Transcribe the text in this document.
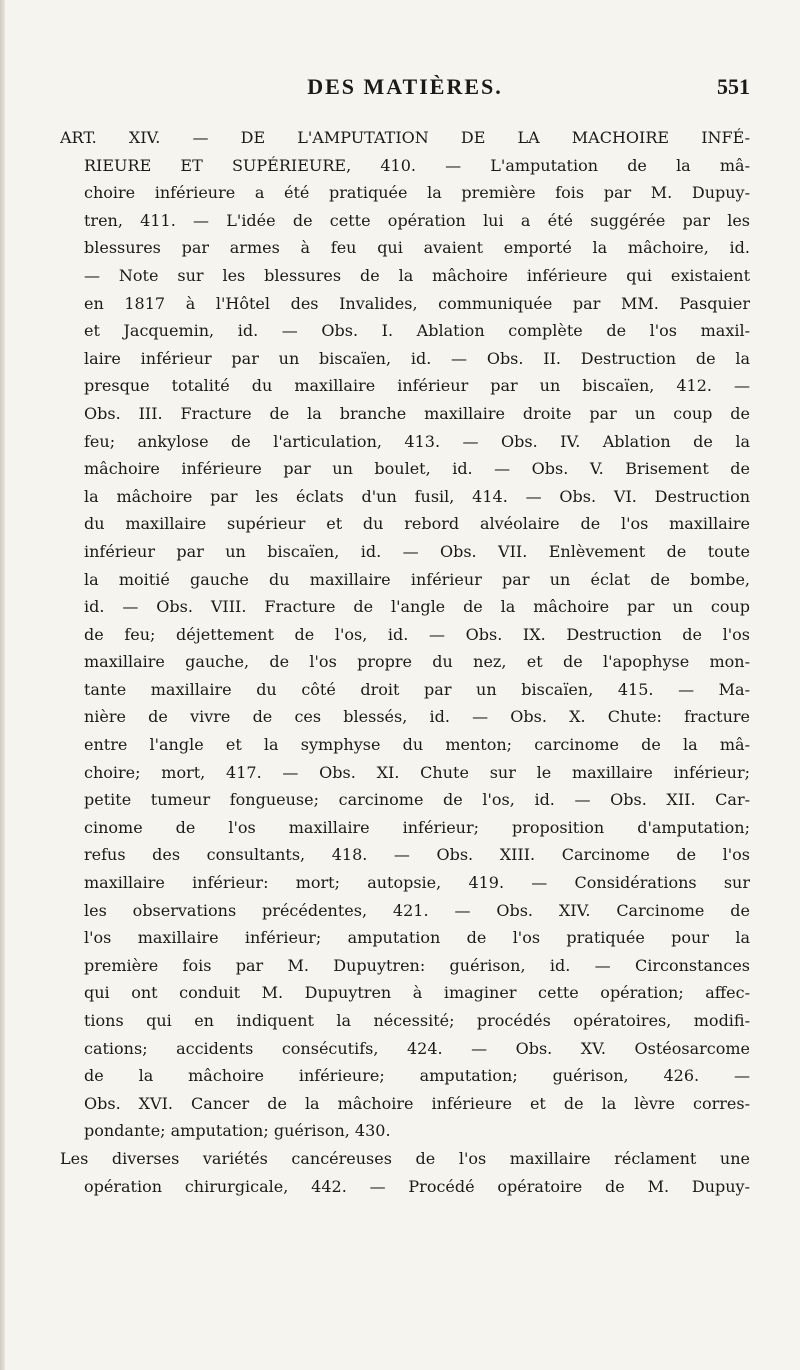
DES MATIÈRES.	551
ART. XIV. — DE L'AMPUTATION DE LA MACHOIRE INFÉ-
RIEURE ET SUPÉRIEURE, 410. — L'amputation de la mâ-
choire inférieure a été pratiquée la première fois par M. Dupuy-
tren, 411. — L'idée de cette opération lui a été suggérée par les
blessures par armes à feu qui avaient emporté la mâchoire, id.
— Note sur les blessures de la mâchoire inférieure qui existaient
en 1817 à l'Hôtel des Invalides, communiquée par MM. Pasquier
et Jacquemin, id. — Obs. I. Ablation complète de l'os maxil-
laire inférieur par un biscaïen, id. — Obs. II. Destruction de la
presque totalité du maxillaire inférieur par un biscaïen, 412. —
Obs. III. Fracture de la branche maxillaire droite par un coup de
feu; ankylose de l'articulation, 413. — Obs. IV. Ablation de la
mâchoire inférieure par un boulet, id. — Obs. V. Brisement de
la mâchoire par les éclats d'un fusil, 414. — Obs. VI. Destruction
du maxillaire supérieur et du rebord alvéolaire de l'os maxillaire
inférieur par un biscaïen, id. — Obs. VII. Enlèvement de toute
la moitié gauche du maxillaire inférieur par un éclat de bombe,
id. — Obs. VIII. Fracture de l'angle de la mâchoire par un coup
de feu; déjettement de l'os, id. — Obs. IX. Destruction de l'os
maxillaire gauche, de l'os propre du nez, et de l'apophyse mon-
tante maxillaire du côté droit par un biscaïen, 415. — Ma-
nière de vivre de ces blessés, id. — Obs. X. Chute: fracture
entre l'angle et la symphyse du menton; carcinome de la mâ-
choire; mort, 417. — Obs. XI. Chute sur le maxillaire inférieur;
petite tumeur fongueuse; carcinome de l'os, id. — Obs. XII. Car-
cinome de l'os maxillaire inférieur; proposition d'amputation;
refus des consultants, 418. — Obs. XIII. Carcinome de l'os
maxillaire inférieur: mort; autopsie, 419. — Considérations sur
les observations précédentes, 421. — Obs. XIV. Carcinome de
l'os maxillaire inférieur; amputation de l'os pratiquée pour la
première fois par M. Dupuytren: guérison, id. — Circonstances
qui ont conduit M. Dupuytren à imaginer cette opération; affec-
tions qui en indiquent la nécessité; procédés opératoires, modifi-
cations; accidents consécutifs, 424. — Obs. XV. Ostéosarcome
de la mâchoire inférieure; amputation; guérison, 426. —
Obs. XVI. Cancer de la mâchoire inférieure et de la lèvre corres-
pondante; amputation; guérison, 430.
Les diverses variétés cancéreuses de l'os maxillaire réclament une
opération chirurgicale, 442. — Procédé opératoire de M. Dupuy-
